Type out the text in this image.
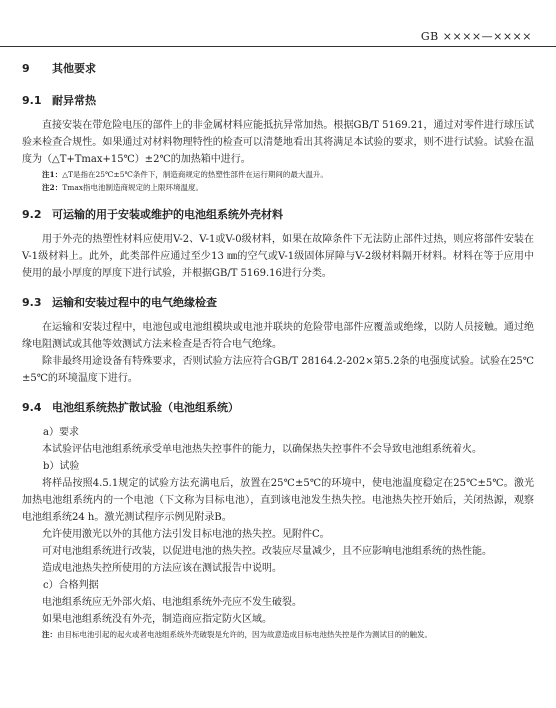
GB ××××—××××
9 其他要求
9.1 耐异常热

直接安装在带危险电压的部件上的非金属材料应能抵抗异常加热。根据GB/T 5169.21，通过对零件进行球压试验来检查合规性。如果通过对材料物理特性的检查可以清楚地看出其将满足本试验的要求，则不进行试验。试验在温度为（△T+Tmax+15℃）±2℃的加热箱中进行。

注1：△T是指在25℃±5℃条件下，制造商规定的热塑性部件在运行期间的最大温升。
注2：Tmax指电池制造商规定的上限环境温度。
9.2 可运输的用于安装或维护的电池组系统外壳材料

用于外壳的热塑性材料应使用V-2、V-1或V-0级材料，如果在故障条件下无法防止部件过热，则应将部件安装在V-1级材料上。此外，此类部件应通过至少13 ㎜的空气或V-1级固体屏障与V-2级材料隔开材料。材料在等于应用中使用的最小厚度的厚度下进行试验，并根据GB/T 5169.16进行分类。

9.3 运输和安装过程中的电气绝缘检查

在运输和安装过程中，电池包或电池组模块或电池并联块的危险带电部件应覆盖或绝缘，以防人员接触。通过绝缘电阻测试或其他等效测试方法来检查是否符合电气绝缘。

除非最终用途设备有特殊要求，否则试验方法应符合GB/T 28164.2-202×第5.2条的电强度试验。试验在25℃±5℃的环境温度下进行。

9.4 电池组系统热扩散试验（电池组系统）
a）要求

本试验评估电池组系统承受单电池热失控事件的能力，以确保热失控事件不会导致电池组系统着火。

b）试验

将样品按照4.5.1规定的试验方法充满电后，放置在25℃±5℃的环境中，使电池温度稳定在25℃±5℃。激光加热电池组系统内的一个电池（下文称为目标电池），直到该电池发生热失控。电池热失控开始后，关闭热源，观察电池组系统24 h。激光测试程序示例见附录B。

允许使用激光以外的其他方法引发目标电池的热失控。见附件C。

可对电池组系统进行改装，以促进电池的热失控。改装应尽量减少，且不应影响电池组系统的热性能。

造成电池热失控所使用的方法应该在测试报告中说明。

c）合格判据

电池组系统应无外部火焰、电池组系统外壳应不发生破裂。

如果电池组系统没有外壳，制造商应指定防火区域。

注：由目标电池引起的起火或者电池组系统外壳破裂是允许的，因为故意造成目标电池热失控是作为测试目的的触发。
